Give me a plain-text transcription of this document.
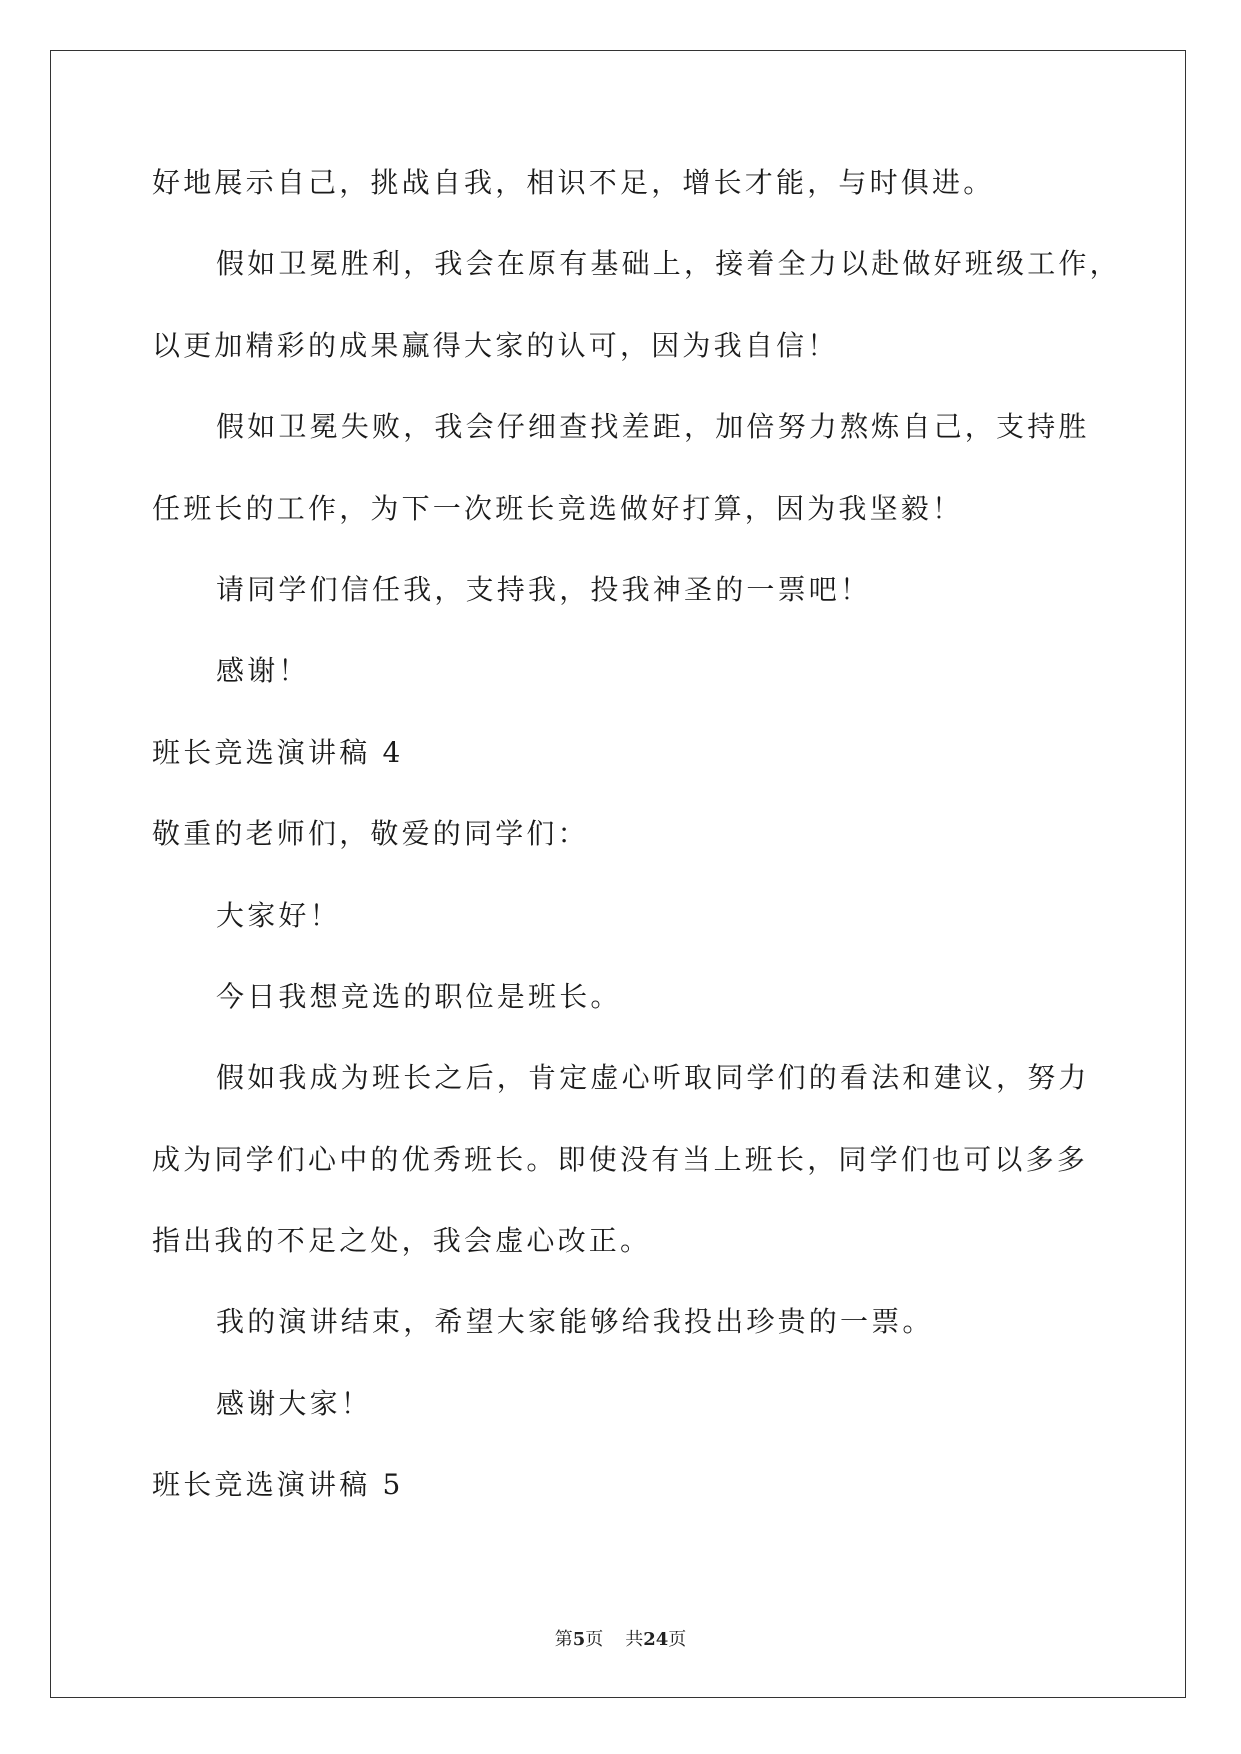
好地展示自己，挑战自我，相识不足，增长才能，与时俱进。
假如卫冕胜利，我会在原有基础上，接着全力以赴做好班级工作，
以更加精彩的成果赢得大家的认可，因为我自信！
假如卫冕失败，我会仔细查找差距，加倍努力熬炼自己，支持胜
任班长的工作，为下一次班长竞选做好打算，因为我坚毅！
请同学们信任我，支持我，投我神圣的一票吧！
感谢！
班长竞选演讲稿 4
敬重的老师们，敬爱的同学们：
大家好！
今日我想竞选的职位是班长。
假如我成为班长之后，肯定虚心听取同学们的看法和建议，努力
成为同学们心中的优秀班长。即使没有当上班长，同学们也可以多多
指出我的不足之处，我会虚心改正。
我的演讲结束，希望大家能够给我投出珍贵的一票。
感谢大家！
班长竞选演讲稿 5
第5页 共24页
